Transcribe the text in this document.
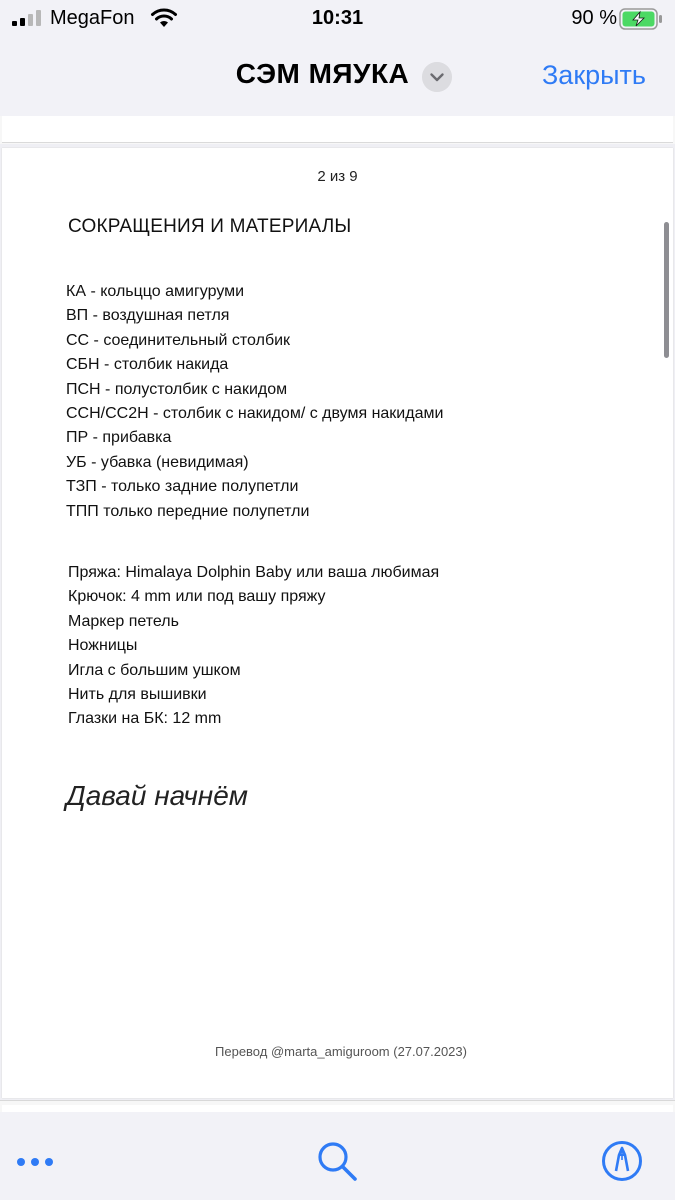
MegaFon	10:31	90 %
СЭМ МЯУКА	Закрыть
2 из 9
СОКРАЩЕНИЯ И МАТЕРИАЛЫ
КА - кольццо амигуруми
ВП - воздушная петля
СС - соединительный столбик
СБН - столбик накида
ПСН - полустолбик с накидом
ССН/СС2Н - столбик с накидом/ с двумя накидами
ПР - прибавка
УБ - убавка (невидимая)
ТЗП - только задние полупетли
ТПП только передние полупетли
Пряжа: Himalaya Dolphin Baby или ваша любимая
Крючок: 4 mm или под вашу пряжу
Маркер петель
Ножницы
Игла с большим ушком
Нить для вышивки
Глазки на БК: 12 mm
Давай начнём
Перевод @marta_amiguroom (27.07.2023)
